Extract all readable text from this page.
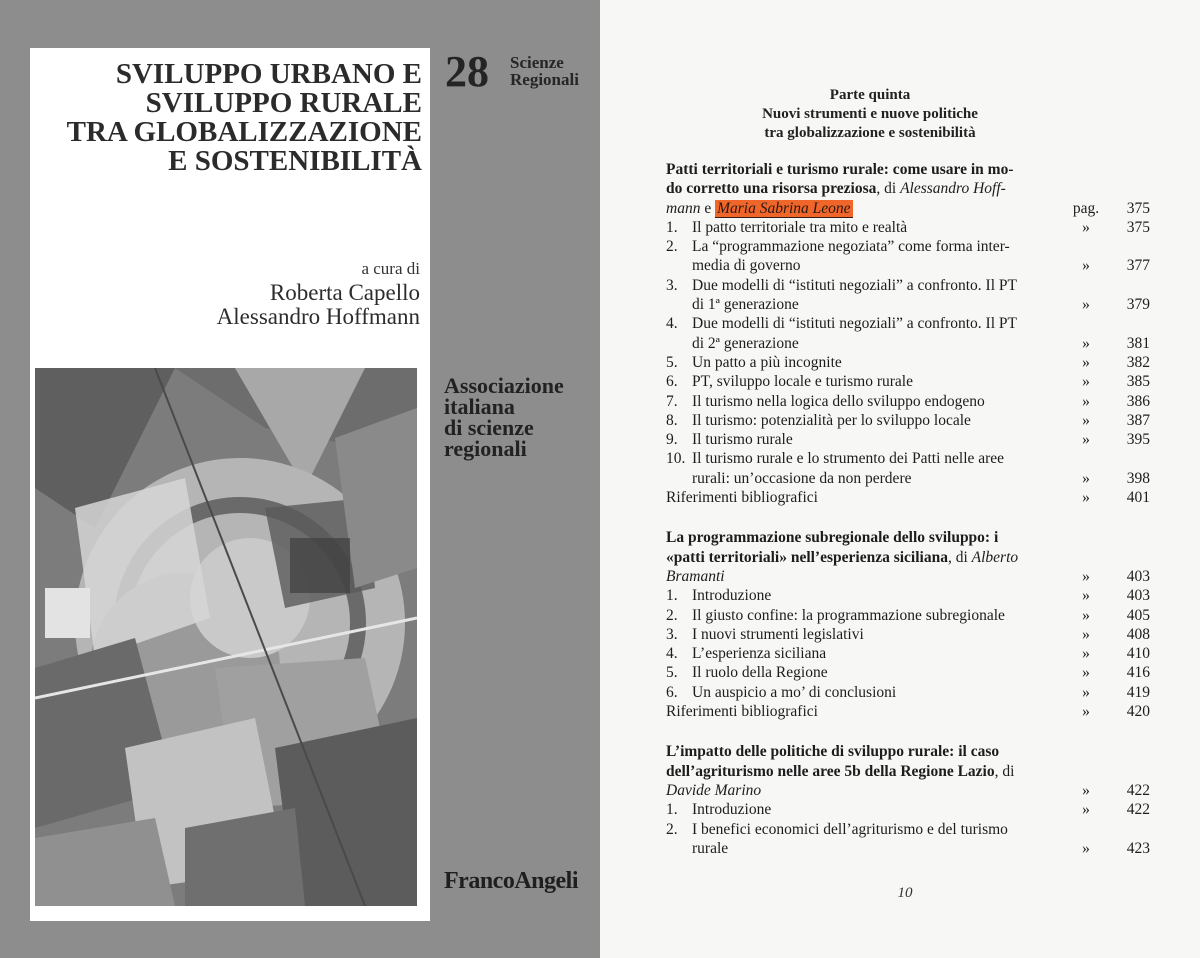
SVILUPPO URBANO E
SVILUPPO RURALE
TRA GLOBALIZZAZIONE
E SOSTENIBILITÀ
a cura di
Roberta Capello
Alessandro Hoffmann
28 Scienze
Regionali
Associazione
italiana
di scienze
regionali
FrancoAngeli
Parte quinta
Nuovi strumenti e nuove politiche
tra globalizzazione e sostenibilità
Patti territoriali e turismo rurale: come usare in mo-
do corretto una risorsa preziosa, di Alessandro Hoff-
mann e Maria Sabrina Leone	pag.	375
1. Il patto territoriale tra mito e realtà	»	375
2. La “programmazione negoziata” come forma inter-
media di governo	»	377
3. Due modelli di “istituti negoziali” a confronto. Il PT
di 1ª generazione	»	379
4. Due modelli di “istituti negoziali” a confronto. Il PT
di 2ª generazione	»	381
5. Un patto a più incognite	»	382
6. PT, sviluppo locale e turismo rurale	»	385
7. Il turismo nella logica dello sviluppo endogeno	»	386
8. Il turismo: potenzialità per lo sviluppo locale	»	387
9. Il turismo rurale	»	395
10. Il turismo rurale e lo strumento dei Patti nelle aree
rurali: un’occasione da non perdere	»	398
Riferimenti bibliografici	»	401
La programmazione subregionale dello sviluppo: i
«patti territoriali» nell’esperienza siciliana, di Alberto
Bramanti	»	403
1. Introduzione	»	403
2. Il giusto confine: la programmazione subregionale	»	405
3. I nuovi strumenti legislativi	»	408
4. L’esperienza siciliana	»	410
5. Il ruolo della Regione	»	416
6. Un auspicio a mo’ di conclusioni	»	419
Riferimenti bibliografici	»	420
L’impatto delle politiche di sviluppo rurale: il caso
dell’agriturismo nelle aree 5b della Regione Lazio, di
Davide Marino	»	422
1. Introduzione	»	422
2. I benefici economici dell’agriturismo e del turismo
rurale	»	423
10
